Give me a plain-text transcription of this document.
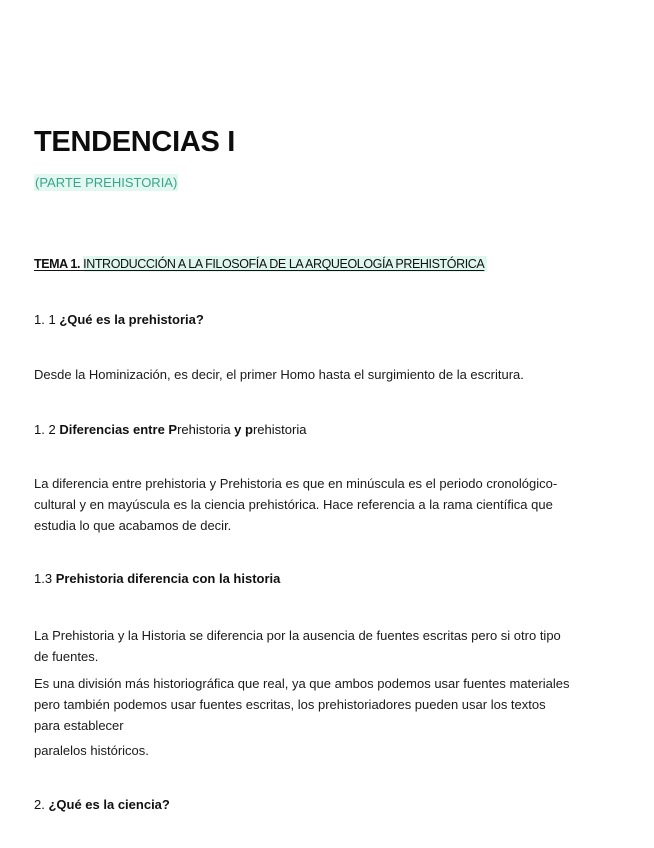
TENDENCIAS I
(PARTE PREHISTORIA)
TEMA 1. INTRODUCCIÓN A LA FILOSOFÍA DE LA ARQUEOLOGÍA PREHISTÓRICA
1. 1 ¿Qué es la prehistoria?
Desde la Hominización, es decir, el primer Homo hasta el surgimiento de la escritura.
1. 2 Diferencias entre Prehistoria y prehistoria
La diferencia entre prehistoria y Prehistoria es que en minúscula es el periodo cronológico-
cultural y en mayúscula es la ciencia prehistórica. Hace referencia a la rama científica que
estudia lo que acabamos de decir.
1.3 Prehistoria diferencia con la historia
La Prehistoria y la Historia se diferencia por la ausencia de fuentes escritas pero si otro tipo
de fuentes.
Es una división más historiográfica que real, ya que ambos podemos usar fuentes materiales
pero también podemos usar fuentes escritas, los prehistoriadores pueden usar los textos
para establecer
paralelos históricos.
2. ¿Qué es la ciencia?
